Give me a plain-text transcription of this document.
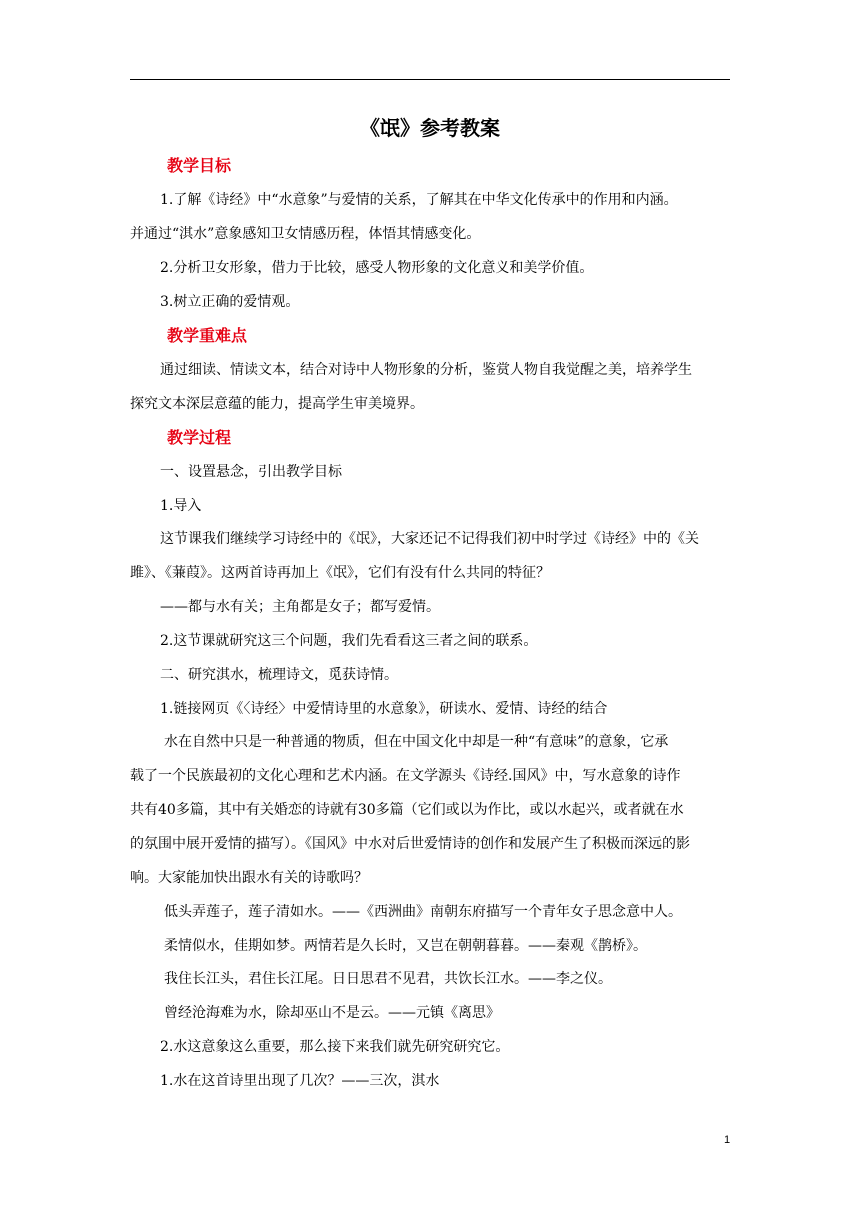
《氓》参考教案
教学目标
1.了解《诗经》中“水意象”与爱情的关系，了解其在中华文化传承中的作用和内涵。
并通过“淇水”意象感知卫女情感历程，体悟其情感变化。
2.分析卫女形象，借力于比较，感受人物形象的文化意义和美学价值。
3.树立正确的爱情观。
教学重难点
通过细读、情读文本，结合对诗中人物形象的分析，鉴赏人物自我觉醒之美，培养学生
探究文本深层意蕴的能力，提高学生审美境界。
教学过程
一、设置悬念，引出教学目标
1.导入
这节课我们继续学习诗经中的《氓》，大家还记不记得我们初中时学过《诗经》中的《关
雎》、《蒹葭》。这两首诗再加上《氓》，它们有没有什么共同的特征？
——都与水有关；主角都是女子；都写爱情。
2.这节课就研究这三个问题，我们先看看这三者之间的联系。
二、研究淇水，梳理诗文，觅获诗情。
1.链接网页《〈诗经〉中爱情诗里的水意象》，研读水、爱情、诗经的结合
水在自然中只是一种普通的物质，但在中国文化中却是一种“有意味”的意象，它承
载了一个民族最初的文化心理和艺术内涵。在文学源头《诗经.国风》中，写水意象的诗作
共有40多篇，其中有关婚恋的诗就有30多篇（它们或以为作比，或以水起兴，或者就在水
的氛围中展开爱情的描写）。《国风》中水对后世爱情诗的创作和发展产生了积极而深远的影
响。大家能加快出跟水有关的诗歌吗？
低头弄莲子，莲子清如水。——《西洲曲》南朝东府描写一个青年女子思念意中人。
柔情似水，佳期如梦。两情若是久长时，又岂在朝朝暮暮。——秦观《鹊桥》。
我住长江头，君住长江尾。日日思君不见君，共饮长江水。——李之仪。
曾经沧海难为水，除却巫山不是云。——元镇《离思》
2.水这意象这么重要，那么接下来我们就先研究研究它。
1.水在这首诗里出现了几次？——三次，淇水
1
